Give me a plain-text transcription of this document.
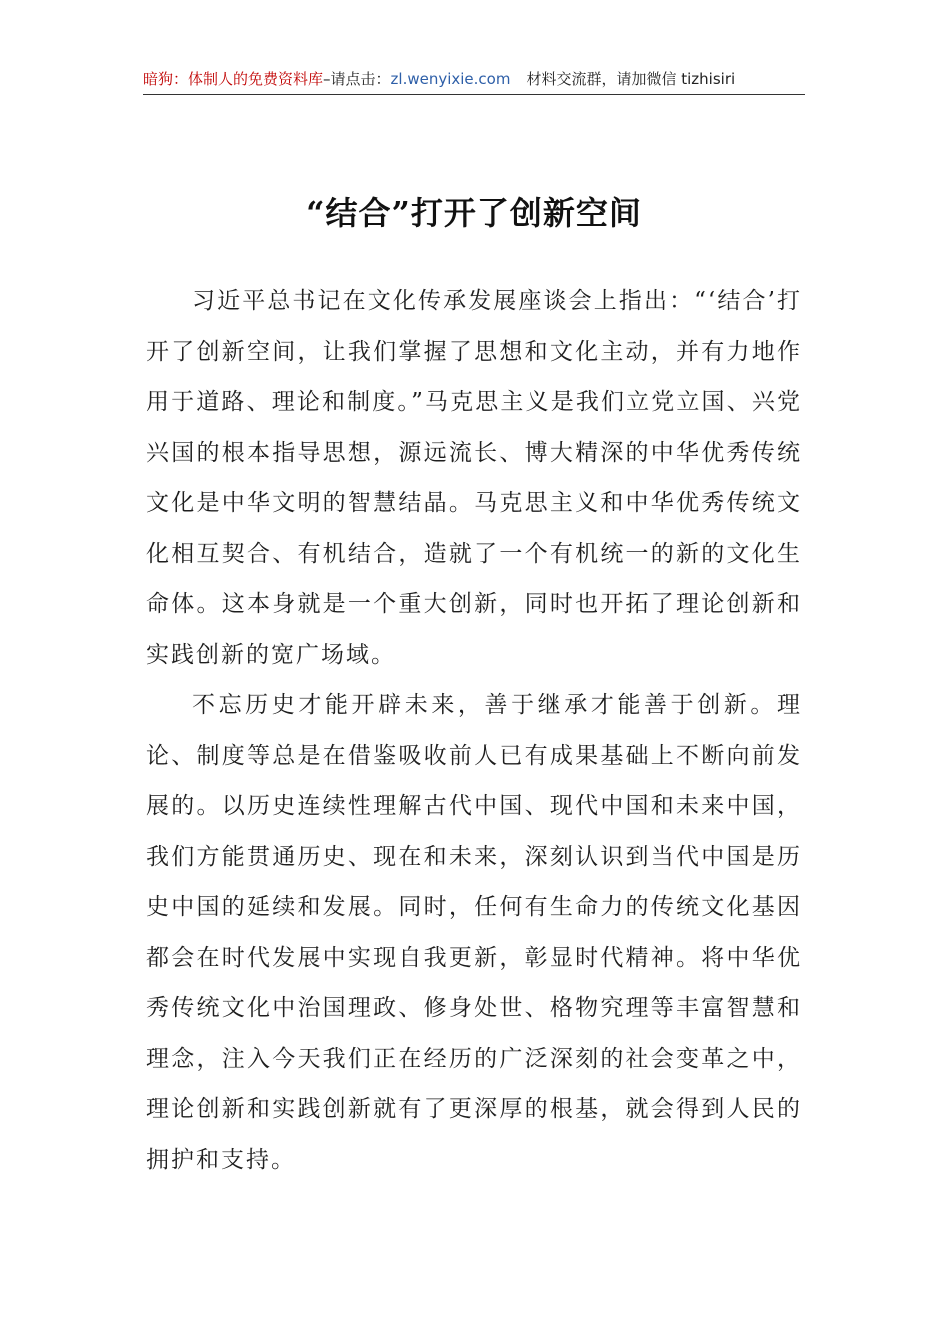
暗狗：体制人的免费资料库 –请点击： zl.wenyixie.com 材料交流群，请加微信 tizhisiri
“结合”打开了创新空间

习近平总书记在文化传承发展座谈会上指出：“‘结合’打开了创新空间，让我们掌握了思想和文化主动，并有力地作用于道路、理论和制度。”马克思主义是我们立党立国、兴党兴国的根本指导思想，源远流长、博大精深的中华优秀传统文化是中华文明的智慧结晶。马克思主义和中华优秀传统文化相互契合、有机结合，造就了一个有机统一的新的文化生命体。这本身就是一个重大创新，同时也开拓了理论创新和实践创新的宽广场域。

不忘历史才能开辟未来，善于继承才能善于创新。理论、制度等总是在借鉴吸收前人已有成果基础上不断向前发展的。以历史连续性理解古代中国、现代中国和未来中国，我们方能贯通历史、现在和未来，深刻认识到当代中国是历史中国的延续和发展。同时，任何有生命力的传统文化基因都会在时代发展中实现自我更新，彰显时代精神。将中华优秀传统文化中治国理政、修身处世、格物究理等丰富智慧和理念，注入今天我们正在经历的广泛深刻的社会变革之中，理论创新和实践创新就有了更深厚的根基，就会得到人民的拥护和支持。
